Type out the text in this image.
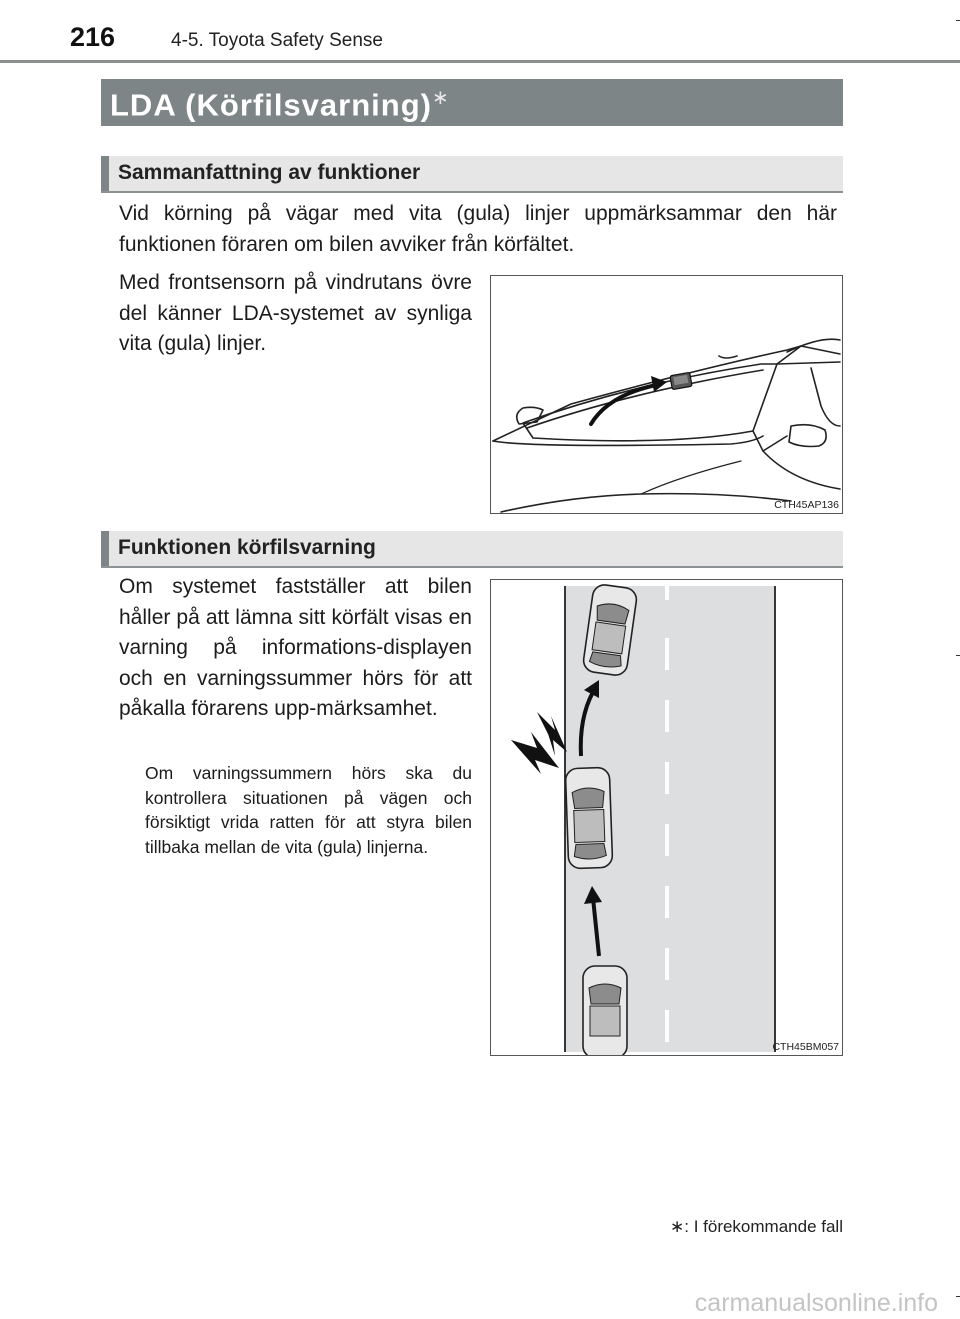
216	4-5. Toyota Safety Sense
LDA (Körfilsvarning)∗
Sammanfattning av funktioner
Vid körning på vägar med vita (gula) linjer uppmärksammar den här funktionen föraren om bilen avviker från körfältet.
Med frontsensorn på vindrutans övre del känner LDA-systemet av synliga vita (gula) linjer.
CTH45AP136
Funktionen körfilsvarning
Om systemet fastställer att bilen håller på att lämna sitt körfält visas en varning på informations-displayen och en varningssummer hörs för att påkalla förarens upp-märksamhet.
Om varningssummern hörs ska du kontrollera situationen på vägen och försiktigt vrida ratten för att styra bilen tillbaka mellan de vita (gula) linjerna.
CTH45BM057
∗: I förekommande fall
carmanualsonline.info
